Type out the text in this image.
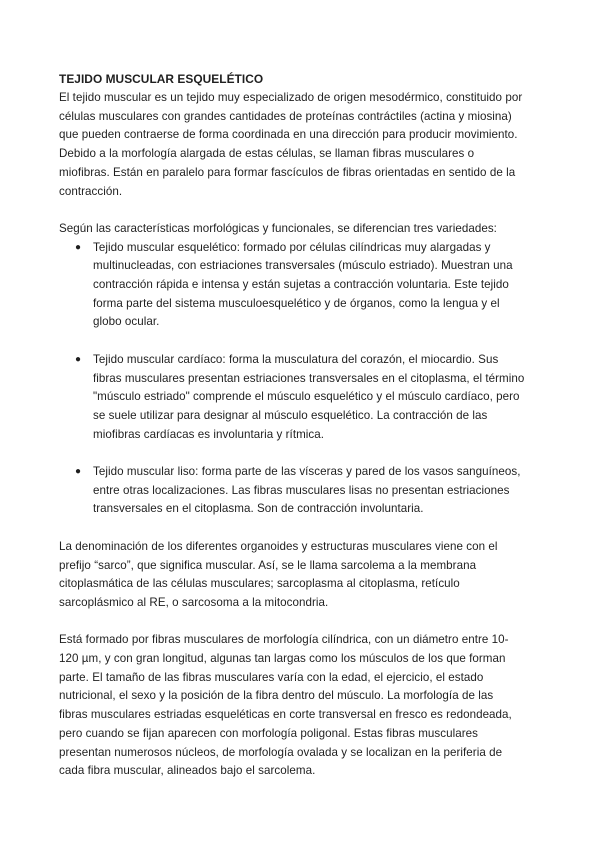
TEJIDO MUSCULAR ESQUELÉTICO

El tejido muscular es un tejido muy especializado de origen mesodérmico, constituido por células musculares con grandes cantidades de proteínas contráctiles (actina y miosina) que pueden contraerse de forma coordinada en una dirección para producir movimiento. Debido a la morfología alargada de estas células, se llaman fibras musculares o miofibras. Están en paralelo para formar fascículos de fibras orientadas en sentido de la contracción.

Según las características morfológicas y funcionales, se diferencian tres variedades:

● Tejido muscular esquelético: formado por células cilíndricas muy alargadas y multinucleadas, con estriaciones transversales (músculo estriado). Muestran una contracción rápida e intensa y están sujetas a contracción voluntaria. Este tejido forma parte del sistema musculoesquelético y de órganos, como la lengua y el globo ocular.

● Tejido muscular cardíaco: forma la musculatura del corazón, el miocardio. Sus fibras musculares presentan estriaciones transversales en el citoplasma, el término "músculo estriado" comprende el músculo esquelético y el músculo cardíaco, pero se suele utilizar para designar al músculo esquelético. La contracción de las miofibras cardíacas es involuntaria y rítmica.

● Tejido muscular liso: forma parte de las vísceras y pared de los vasos sanguíneos, entre otras localizaciones. Las fibras musculares lisas no presentan estriaciones transversales en el citoplasma. Son de contracción involuntaria.

La denominación de los diferentes organoides y estructuras musculares viene con el prefijo “sarco”, que significa muscular. Así, se le llama sarcolema a la membrana citoplasmática de las células musculares; sarcoplasma al citoplasma, retículo sarcoplásmico al RE, o sarcosoma a la mitocondria.

Está formado por fibras musculares de morfología cilíndrica, con un diámetro entre 10-120 µm, y con gran longitud, algunas tan largas como los músculos de los que forman parte. El tamaño de las fibras musculares varía con la edad, el ejercicio, el estado nutricional, el sexo y la posición de la fibra dentro del músculo. La morfología de las fibras musculares estriadas esqueléticas en corte transversal en fresco es redondeada, pero cuando se fijan aparecen con morfología poligonal. Estas fibras musculares presentan numerosos núcleos, de morfología ovalada y se localizan en la periferia de cada fibra muscular, alineados bajo el sarcolema.
